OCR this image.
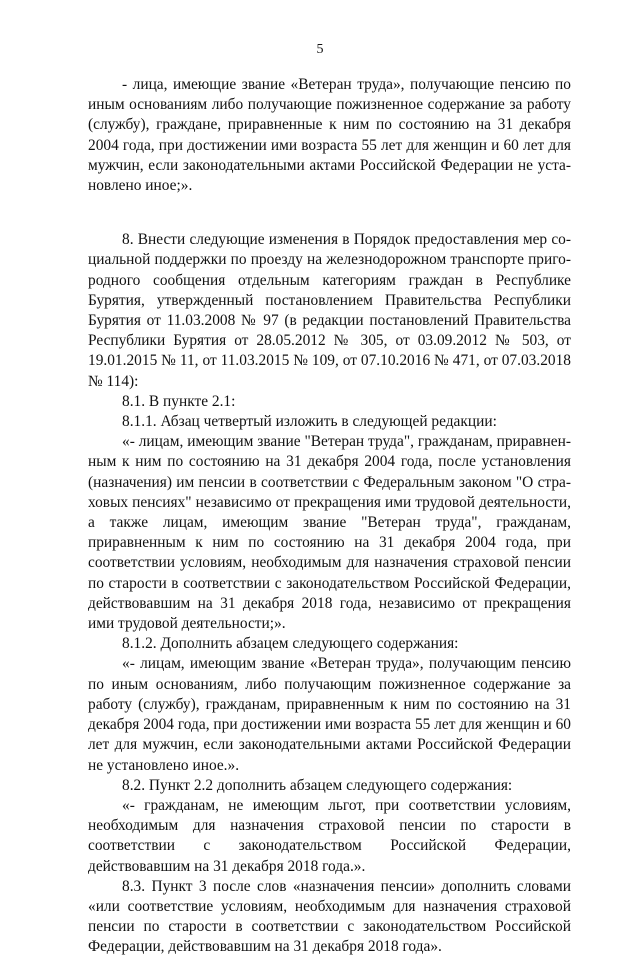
5

- лица, имеющие звание «Ветеран труда», получающие пенсию по иным основаниям либо получающие пожизненное содержание за работу (службу), граждане, приравненные к ним по состоянию на 31 декабря 2004 года, при достижении ими возраста 55 лет для женщин и 60 лет для мужчин, если законодательными актами Российской Федерации не установлено иное;».

8. Внести следующие изменения в Порядок предоставления мер социальной поддержки по проезду на железнодорожном транспорте пригородного сообщения отдельным категориям граждан в Республике Бурятия, утвержденный постановлением Правительства Республики Бурятия от 11.03.2008 № 97 (в редакции постановлений Правительства Республики Бурятия от 28.05.2012 № 305, от 03.09.2012 № 503, от 19.01.2015 № 11, от 11.03.2015 № 109, от 07.10.2016 № 471, от 07.03.2018 № 114):

8.1. В пункте 2.1:

8.1.1. Абзац четвертый изложить в следующей редакции:

«- лицам, имеющим звание "Ветеран труда", гражданам, приравненным к ним по состоянию на 31 декабря 2004 года, после установления (назначения) им пенсии в соответствии с Федеральным законом "О страховых пенсиях" независимо от прекращения ими трудовой деятельности, а также лицам, имеющим звание "Ветеран труда", гражданам, приравненным к ним по состоянию на 31 декабря 2004 года, при соответствии условиям, необходимым для назначения страховой пенсии по старости в соответствии с законодательством Российской Федерации, действовавшим на 31 декабря 2018 года, независимо от прекращения ими трудовой деятельности;».

8.1.2. Дополнить абзацем следующего содержания:

«- лицам, имеющим звание «Ветеран труда», получающим пенсию по иным основаниям, либо получающим пожизненное содержание за работу (службу), гражданам, приравненным к ним по состоянию на 31 декабря 2004 года, при достижении ими возраста 55 лет для женщин и 60 лет для мужчин, если законодательными актами Российской Федерации не установлено иное.».

8.2. Пункт 2.2 дополнить абзацем следующего содержания:

«- гражданам, не имеющим льгот, при соответствии условиям, необходимым для назначения страховой пенсии по старости в соответствии с законодательством Российской Федерации, действовавшим на 31 декабря 2018 года.».

8.3. Пункт 3 после слов «назначения пенсии» дополнить словами «или соответствие условиям, необходимым для назначения страховой пенсии по старости в соответствии с законодательством Российской Федерации, действовавшим на 31 декабря 2018 года».
